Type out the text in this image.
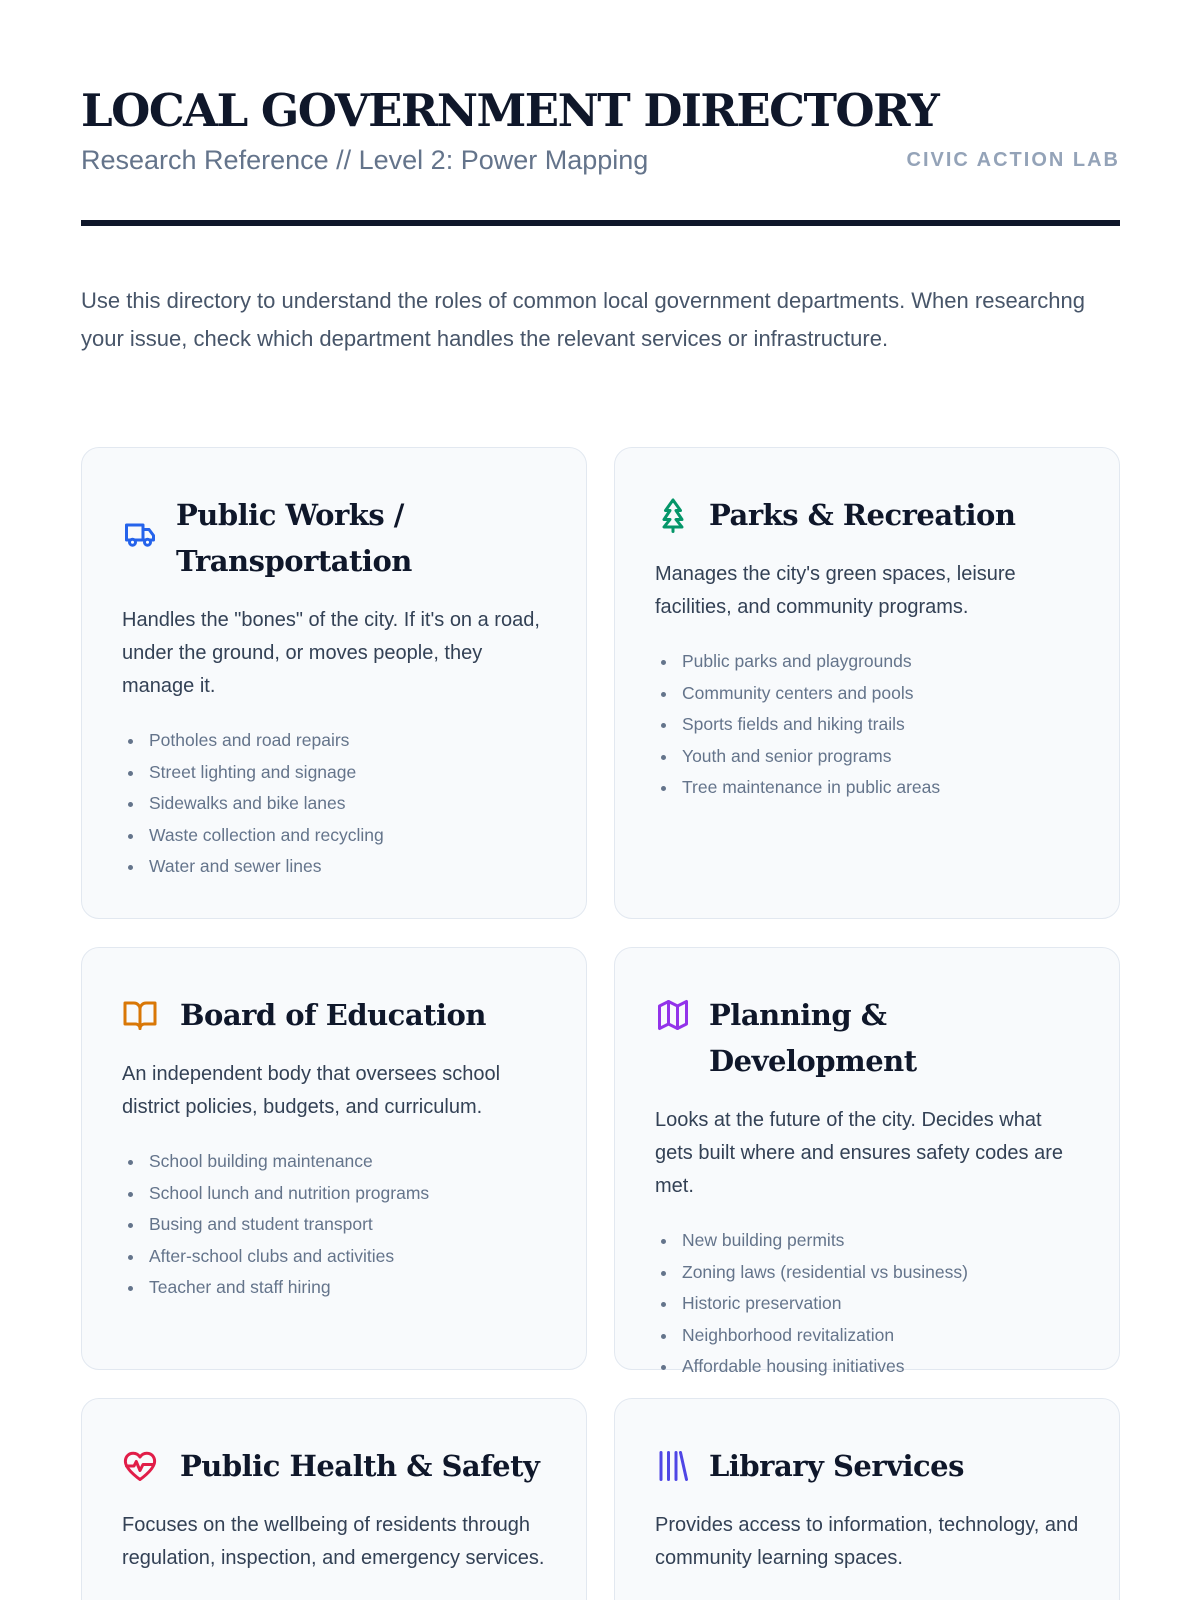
LOCAL GOVERNMENT DIRECTORY
Research Reference // Level 2: Power Mapping	CIVIC ACTION LAB

Use this directory to understand the roles of common local government departments. When researchng your issue, check which department handles the relevant services or infrastructure.

Public Works / Transportation

Handles the "bones" of the city. If it's on a road, under the ground, or moves people, they manage it.

Potholes and road repairs
Street lighting and signage
Sidewalks and bike lanes
Waste collection and recycling
Water and sewer lines
Parks & Recreation

Manages the city's green spaces, leisure facilities, and community programs.

Public parks and playgrounds
Community centers and pools
Sports fields and hiking trails
Youth and senior programs
Tree maintenance in public areas
Board of Education

An independent body that oversees school district policies, budgets, and curriculum.

School building maintenance
School lunch and nutrition programs
Busing and student transport
After-school clubs and activities
Teacher and staff hiring
Planning & Development

Looks at the future of the city. Decides what gets built where and ensures safety codes are met.

New building permits
Zoning laws (residential vs business)
Historic preservation
Neighborhood revitalization
Affordable housing initiatives
Public Health & Safety

Focuses on the wellbeing of residents through regulation, inspection, and emergency services.

Library Services

Provides access to information, technology, and community learning spaces.
